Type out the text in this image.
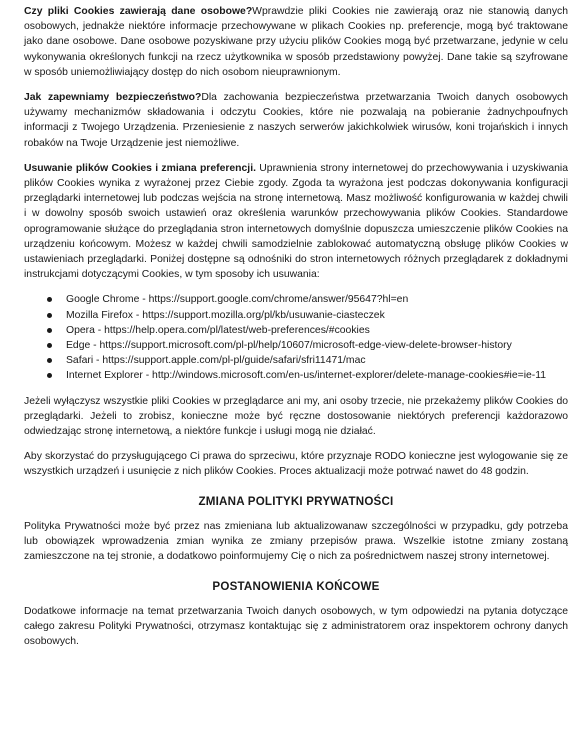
Czy pliki Cookies zawierają dane osobowe?Wprawdzie pliki Cookies nie zawierają oraz nie stanowią danych osobowych, jednakże niektóre informacje przechowywane w plikach Cookies np. preferencje, mogą być traktowane jako dane osobowe. Dane osobowe pozyskiwane przy użyciu plików Cookies mogą być przetwarzane, jedynie w celu wykonywania określonych funkcji na rzecz użytkownika w sposób przedstawiony powyżej. Dane takie są szyfrowane w sposób uniemożliwiający dostęp do nich osobom nieuprawnionym.

Jak zapewniamy bezpieczeństwo?Dla zachowania bezpieczeństwa przetwarzania Twoich danych osobowych używamy mechanizmów składowania i odczytu Cookies, które nie pozwalają na pobieranie żadnychpoufnych informacji z Twojego Urządzenia. Przeniesienie z naszych serwerów jakichkolwiek wirusów, koni trojańskich i innych robaków na Twoje Urządzenie jest niemożliwe.

Usuwanie plików Cookies i zmiana preferencji. Uprawnienia strony internetowej do przechowywania i uzyskiwania plików Cookies wynika z wyrażonej przez Ciebie zgody. Zgoda ta wyrażona jest podczas dokonywania konfiguracji przeglądarki internetowej lub podczas wejścia na stronę internetową. Masz możliwość konfigurowania w każdej chwili i w dowolny sposób swoich ustawień oraz określenia warunków przechowywania plików Cookies. Standardowe oprogramowanie służące do przeglądania stron internetowych domyślnie dopuszcza umieszczenie plików Cookies na urządzeniu końcowym. Możesz w każdej chwili samodzielnie zablokować automatyczną obsługę plików Cookies w ustawieniach przeglądarki. Poniżej dostępne są odnośniki do stron internetowych różnych przeglądarek z dokładnymi instrukcjami dotyczącymi Cookies, w tym sposoby ich usuwania:

Google Chrome - https://support.google.com/chrome/answer/95647?hl=en
Mozilla Firefox - https://support.mozilla.org/pl/kb/usuwanie-ciasteczek
Opera - https://help.opera.com/pl/latest/web-preferences/#cookies
Edge - https://support.microsoft.com/pl-pl/help/10607/microsoft-edge-view-delete-browser-history
Safari - https://support.apple.com/pl-pl/guide/safari/sfri11471/mac
Internet Explorer - http://windows.microsoft.com/en-us/internet-explorer/delete-manage-cookies#ie=ie-11

Jeżeli wyłączysz wszystkie pliki Cookies w przeglądarce ani my, ani osoby trzecie, nie przekażemy plików Cookies do przeglądarki. Jeżeli to zrobisz, konieczne może być ręczne dostosowanie niektórych preferencji każdorazowo odwiedzając stronę internetową, a niektóre funkcje i usługi mogą nie działać.

Aby skorzystać do przysługującego Ci prawa do sprzeciwu, które przyznaje RODO konieczne jest wylogowanie się ze wszystkich urządzeń i usunięcie z nich plików Cookies. Proces aktualizacji może potrwać nawet do 48 godzin.

ZMIANA POLITYKI PRYWATNOŚCI

Polityka Prywatności może być przez nas zmieniana lub aktualizowanaw szczególności w przypadku, gdy potrzeba lub obowiązek wprowadzenia zmian wynika ze zmiany przepisów prawa. Wszelkie istotne zmiany zostaną zamieszczone na tej stronie, a dodatkowo poinformujemy Cię o nich za pośrednictwem naszej strony internetowej.

POSTANOWIENIA KOŃCOWE

Dodatkowe informacje na temat przetwarzania Twoich danych osobowych, w tym odpowiedzi na pytania dotyczące całego zakresu Polityki Prywatności, otrzymasz kontaktując się z administratorem oraz inspektorem ochrony danych osobowych.
